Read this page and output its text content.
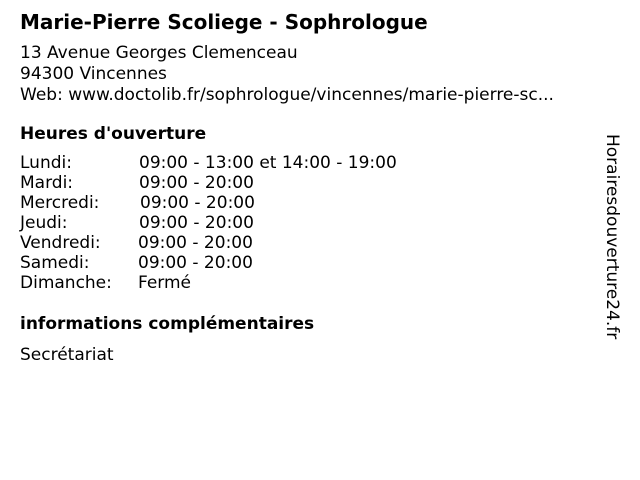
Marie-Pierre Scoliege - Sophrologue
13 Avenue Georges Clemenceau
94300 Vincennes
Web: www.doctolib.fr/sophrologue/vincennes/marie-pierre-sc...
Heures d'ouverture
Lundi:	09:00 - 13:00 et 14:00 - 19:00
Mardi:	09:00 - 20:00
Mercredi: 09:00 - 20:00
Jeudi:	09:00 - 20:00
Vendredi: 09:00 - 20:00
Samedi:	09:00 - 20:00
Dimanche: Fermé
informations complémentaires
Secrétariat
Horairesdouverture24.fr
